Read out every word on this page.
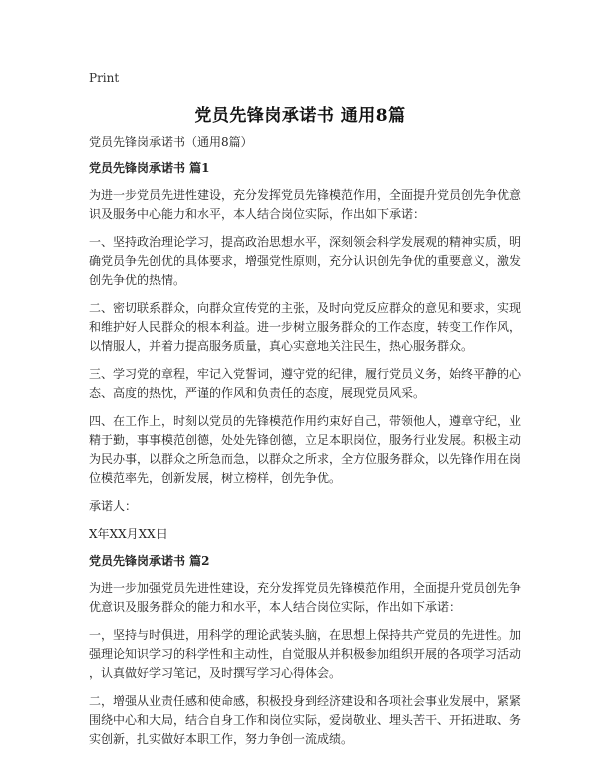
Print
党员先锋岗承诺书 通用8篇

党员先锋岗承诺书（通用8篇）

党员先锋岗承诺书 篇1

为进一步党员先进性建设，充分发挥党员先锋模范作用，全面提升党员创先争优意
识及服务中心能力和水平，本人结合岗位实际，作出如下承诺：

一、坚持政治理论学习，提高政治思想水平，深刻领会科学发展观的精神实质，明
确党员争先创优的具体要求，增强党性原则，充分认识创先争优的重要意义，激发
创先争优的热情。

二、密切联系群众，向群众宣传党的主张，及时向党反应群众的意见和要求，实现
和维护好人民群众的根本利益。进一步树立服务群众的工作态度，转变工作作风，
以情服人，并着力提高服务质量，真心实意地关注民生，热心服务群众。

三、学习党的章程，牢记入党誓词，遵守党的纪律，履行党员义务，始终平静的心
态、高度的热忱，严谨的作风和负责任的态度，展现党员风采。

四、在工作上，时刻以党员的先锋模范作用约束好自己，带领他人，遵章守纪，业
精于勤，事事模范创德，处处先锋创德，立足本职岗位，服务行业发展。积极主动
为民办事，以群众之所急而急，以群众之所求，全方位服务群众，以先锋作用在岗
位模范率先，创新发展，树立榜样，创先争优。

承诺人：

X年XX月XX日

党员先锋岗承诺书 篇2

为进一步加强党员先进性建设，充分发挥党员先锋模范作用，全面提升党员创先争
优意识及服务群众的能力和水平，本人结合岗位实际，作出如下承诺：

一，坚持与时俱进，用科学的理论武装头脑，在思想上保持共产党员的先进性。加
强理论知识学习的科学性和主动性，自觉服从并积极参加组织开展的各项学习活动
，认真做好学习笔记，及时撰写学习心得体会。

二，增强从业责任感和使命感，积极投身到经济建设和各项社会事业发展中，紧紧
围绕中心和大局，结合自身工作和岗位实际，爱岗敬业、埋头苦干、开拓进取、务
实创新，扎实做好本职工作，努力争创一流成绩。
